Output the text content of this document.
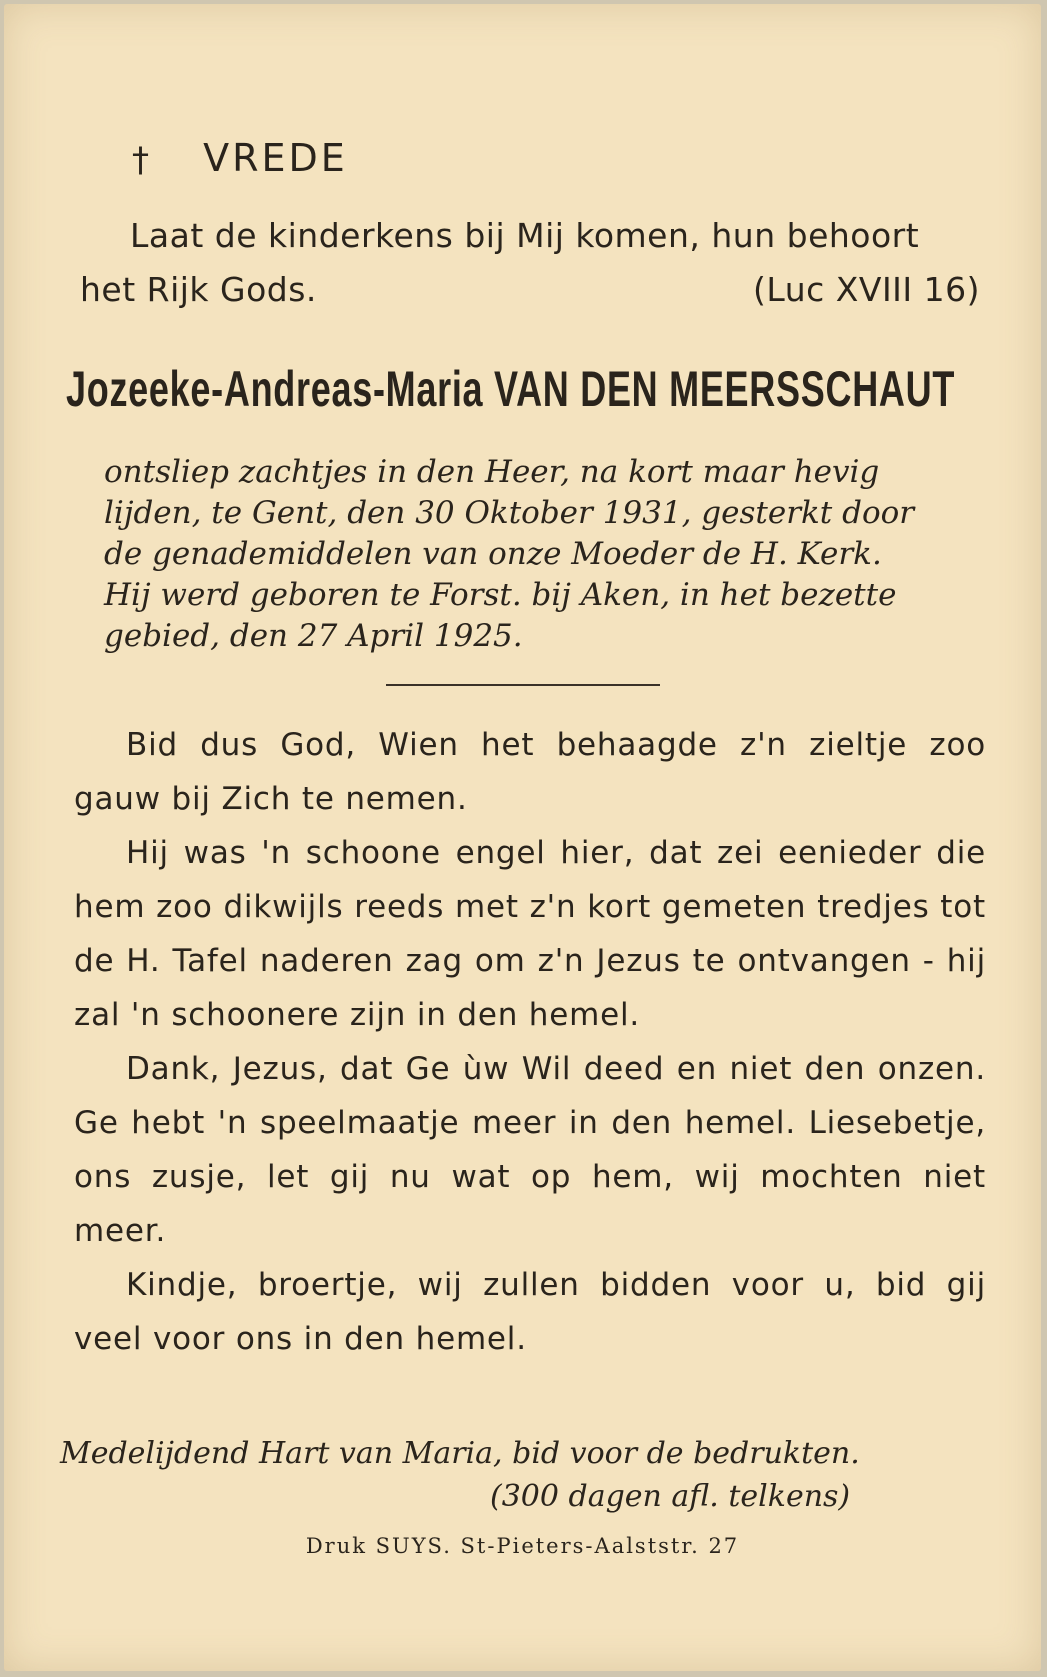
† VREDE
Laat de kinderkens bij Mij komen, hun behoort
het Rijk Gods.	(Luc XVIII 16)
Jozeeke-Andreas-Maria VAN DEN MEERSSCHAUT
ontsliep zachtjes in den Heer, na kort maar hevig
lijden, te Gent, den 30 Oktober 1931, gesterkt door
de genademiddelen van onze Moeder de H. Kerk.
Hij werd geboren te Forst. bij Aken, in het bezette
gebied, den 27 April 1925.

Bid dus God, Wien het behaagde z'n zieltje zoo gauw bij Zich te nemen.

Hij was 'n schoone engel hier, dat zei eenieder die hem zoo dikwijls reeds met z'n kort gemeten tredjes tot de H. Tafel naderen zag om z'n Jezus te ontvangen - hij zal 'n schoonere zijn in den hemel.

Dank, Jezus, dat Ge ùw Wil deed en niet den onzen. Ge hebt 'n speelmaatje meer in den hemel. Liesebetje, ons zusje, let gij nu wat op hem, wij mochten niet meer.

Kindje, broertje, wij zullen bidden voor u, bid gij veel voor ons in den hemel.

Medelijdend Hart van Maria, bid voor de bedrukten.
(300 dagen afl. telkens)
Druk SUYS. St-Pieters-Aalststr. 27
